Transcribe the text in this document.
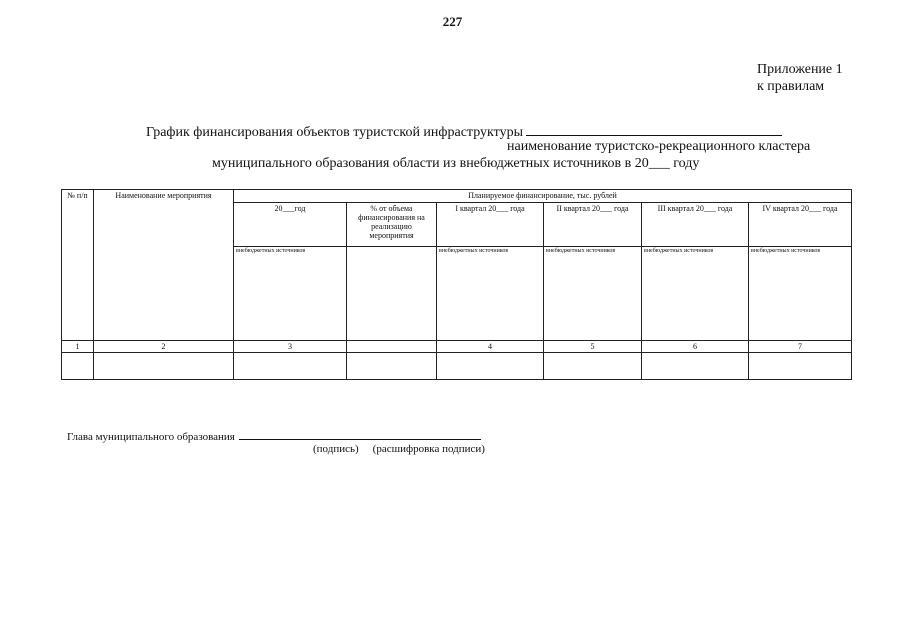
227
Приложение 1
к правилам
График финансирования объектов туристской инфраструктуры
наименование туристско-рекреационного кластера
муниципального образования области из внебюджетных источников в 20___ году
№ п/п	Наименование мероприятия	Планируемое финансирование, тыс. рублей					
		20___год	% от объема финансирования на реализацию мероприятия	I квартал 20___ года	II квартал 20___ года	III квартал 20___ года	IV квартал 20___ года
		внебюджетных источников		внебюджетных источников	внебюджетных источников	внебюджетных источников	внебюджетных источников
1	2	3		4	5	6	7

Глава муниципального образования
(подпись) (расшифровка подписи)
